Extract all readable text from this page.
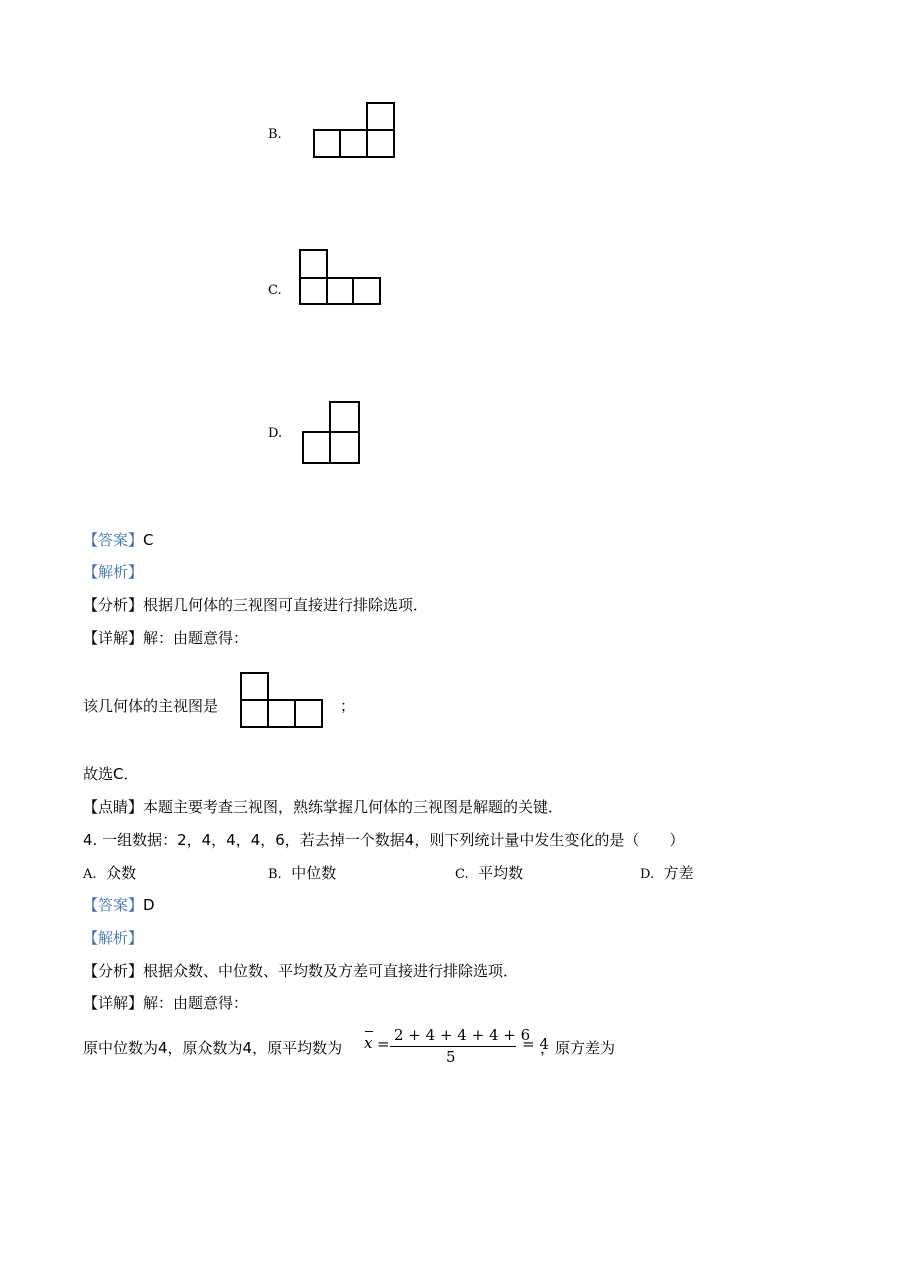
B.
C.
D.
【答案】C
【解析】
【分析】根据几何体的三视图可直接进行排除选项．
【详解】解：由题意得：
该几何体的主视图是	；
故选C．
【点睛】本题主要考查三视图，熟练掌握几何体的三视图是解题的关键．
4. 一组数据：2，4，4，4，6，若去掉一个数据4，则下列统计量中发生变化的是（　　）
A. 众数	B. 中位数	C. 平均数	D. 方差
【答案】D
【解析】
【分析】根据众数、中位数、平均数及方差可直接进行排除选项．
【详解】解：由题意得：
原中位数为4，原众数为4，原平均数为 x = 2 + 4 + 4 + 4 + 6
5
= 4
，原方差为
